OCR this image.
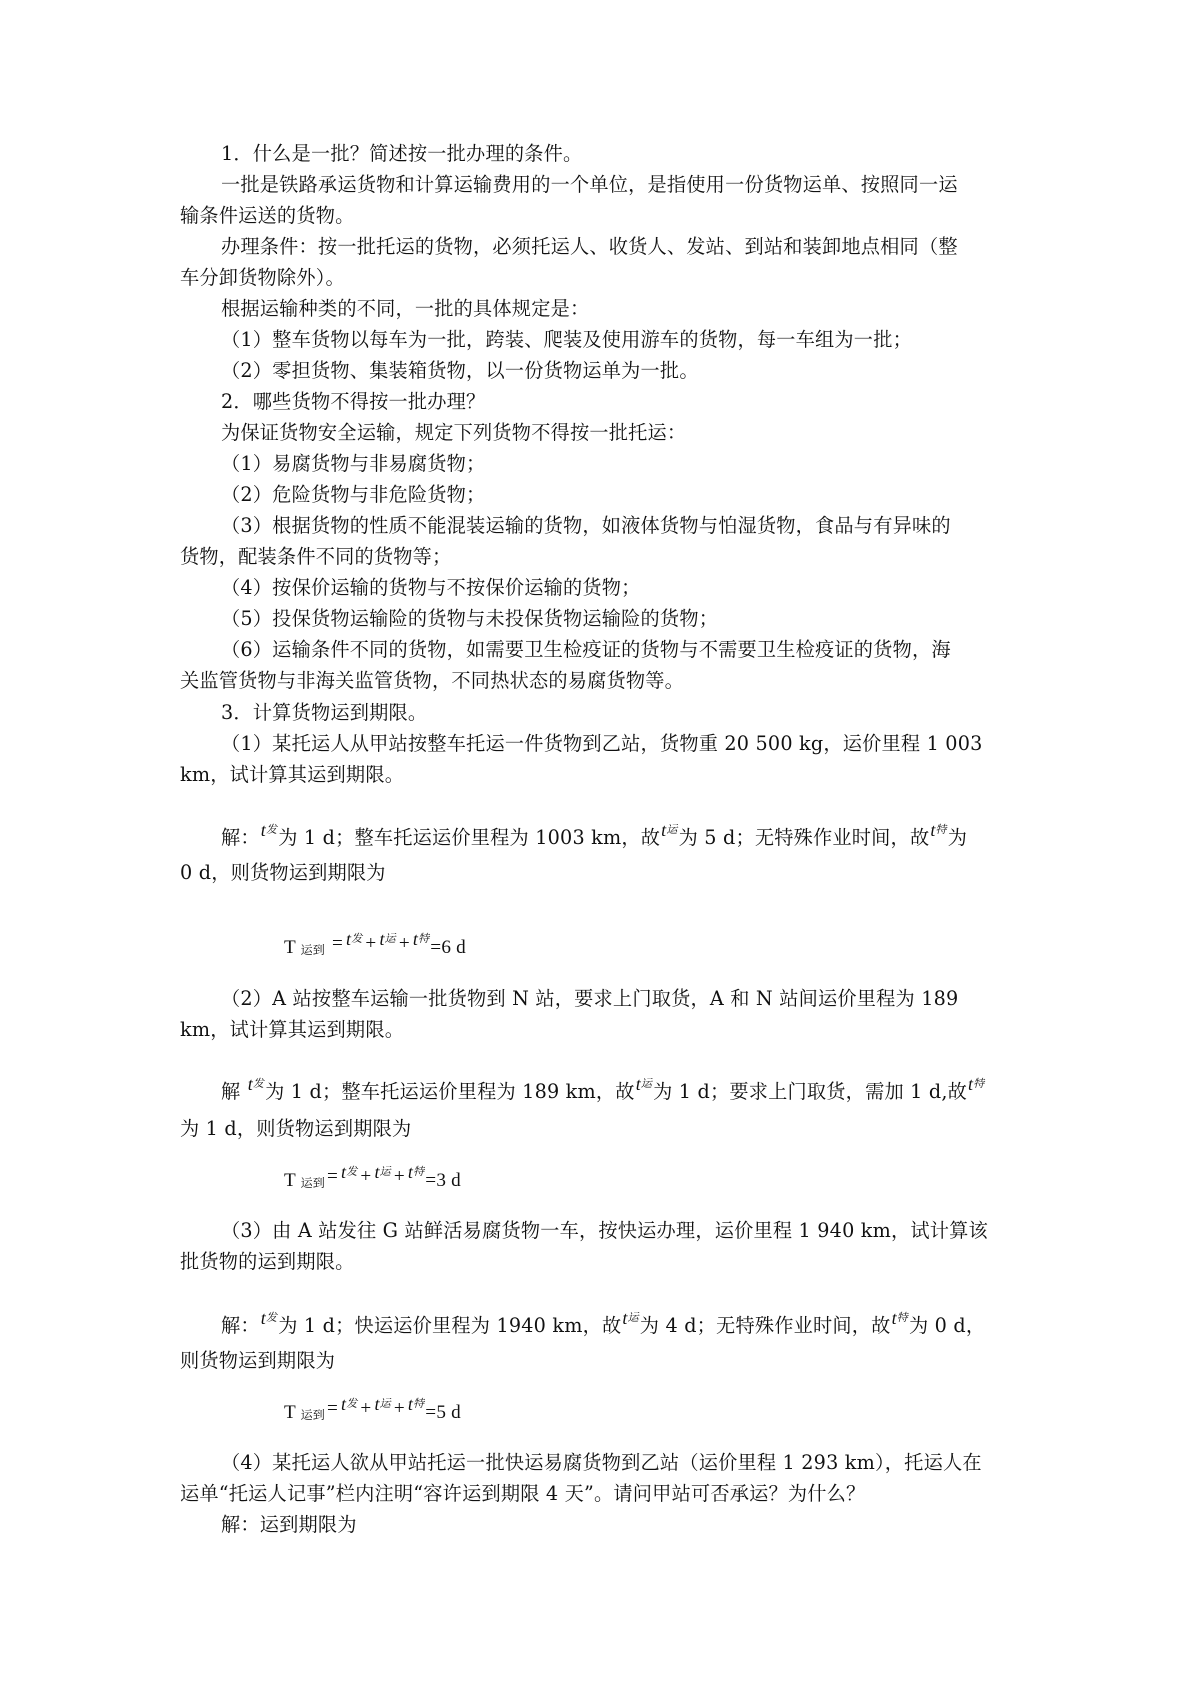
1．什么是一批？简述按一批办理的条件。
一批是铁路承运货物和计算运输费用的一个单位，是指使用一份货物运单、按照同一运
输条件运送的货物。
办理条件：按一批托运的货物，必须托运人、收货人、发站、到站和装卸地点相同（整
车分卸货物除外）。
根据运输种类的不同，一批的具体规定是：
（1）整车货物以每车为一批，跨装、爬装及使用游车的货物，每一车组为一批；
（2）零担货物、集装箱货物，以一份货物运单为一批。
2．哪些货物不得按一批办理？
为保证货物安全运输，规定下列货物不得按一批托运：
（1）易腐货物与非易腐货物；
（2）危险货物与非危险货物；
（3）根据货物的性质不能混装运输的货物，如液体货物与怕湿货物，食品与有异味的
货物，配装条件不同的货物等；
（4）按保价运输的货物与不按保价运输的货物；
（5）投保货物运输险的货物与未投保货物运输险的货物；
（6）运输条件不同的货物，如需要卫生检疫证的货物与不需要卫生检疫证的货物，海
关监管货物与非海关监管货物，不同热状态的易腐货物等。
3．计算货物运到期限。
（1）某托运人从甲站按整车托运一件货物到乙站，货物重 20 500 kg，运价里程 1 003
km，试计算其运到期限。
解：t发为 1 d；整车托运运价里程为 1003 km，故t运为 5 d；无特殊作业时间，故t特为
0 d，则货物运到期限为
T 运到 = t发 + t运 + t特=6 d
（2）A 站按整车运输一批货物到 N 站，要求上门取货，A 和 N 站间运价里程为 189
km，试计算其运到期限。
解 t发为 1 d；整车托运运价里程为 189 km，故t运为 1 d；要求上门取货，需加 1 d,故t特
为 1 d，则货物运到期限为
T 运到 = t发 + t运 + t特=3 d
（3）由 A 站发往 G 站鲜活易腐货物一车，按快运办理，运价里程 1 940 km，试计算该
批货物的运到期限。
解：t发为 1 d；快运运价里程为 1940 km，故t运为 4 d；无特殊作业时间，故t特为 0 d，
则货物运到期限为
T 运到 = t发 + t运 + t特=5 d
（4）某托运人欲从甲站托运一批快运易腐货物到乙站（运价里程 1 293 km），托运人在
运单“托运人记事”栏内注明“容许运到期限 4 天”。请问甲站可否承运？为什么？
解：运到期限为
